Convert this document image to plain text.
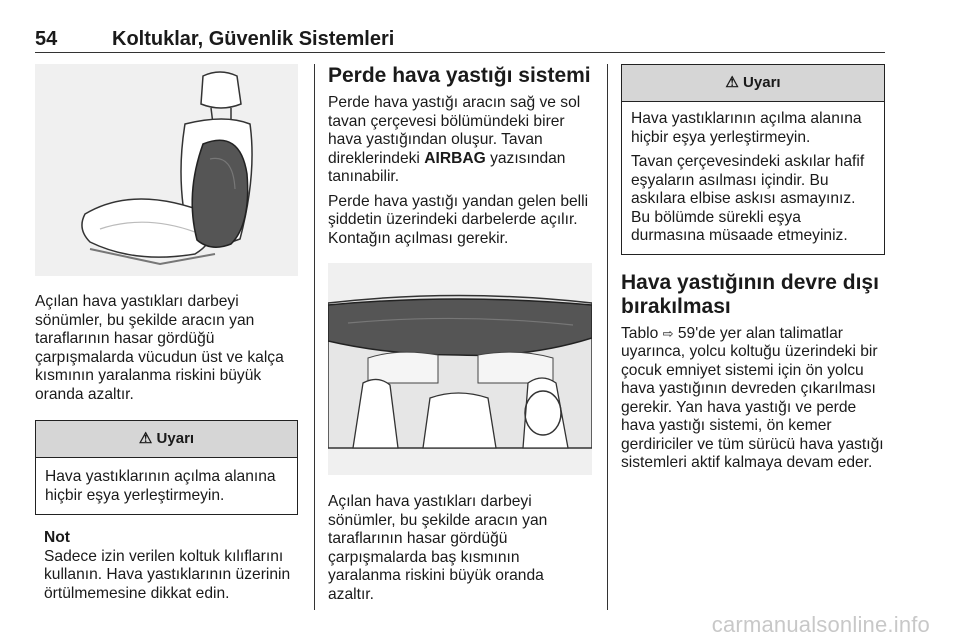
54	Koltuklar, Güvenlik Sistemleri

Açılan hava yastıkları darbeyi sönümler, bu şekilde aracın yan taraflarının hasar gördüğü çarpışmalarda vücudun üst ve kalça kısmının yaralanma riskini büyük oranda azaltır.

⚠ Uyarı

Hava yastıklarının açılma alanına hiçbir eşya yerleştirmeyin.

Not

Sadece izin verilen koltuk kılıflarını kullanın. Hava yastıklarının üzerinin örtülmemesine dikkat edin.

Perde hava yastığı sistemi

Perde hava yastığı aracın sağ ve sol tavan çerçevesi bölümündeki birer hava yastığından oluşur. Tavan direklerindeki AIRBAG yazısından tanınabilir.

Perde hava yastığı yandan gelen belli şiddetin üzerindeki darbelerde açılır. Kontağın açılması gerekir.

Açılan hava yastıkları darbeyi sönümler, bu şekilde aracın yan taraflarının hasar gördüğü çarpışmalarda baş kısmının yaralanma riskini büyük oranda azaltır.

⚠ Uyarı

Hava yastıklarının açılma alanına hiçbir eşya yerleştirmeyin.

Tavan çerçevesindeki askılar hafif eşyaların asılması içindir. Bu askılara elbise askısı asmayınız. Bu bölümde sürekli eşya durmasına müsaade etmeyiniz.

Hava yastığının devre dışı bırakılması

Tablo ⇨ 59'de yer alan talimatlar uyarınca, yolcu koltuğu üzerindeki bir çocuk emniyet sistemi için ön yolcu hava yastığının devreden çıkarılması gerekir. Yan hava yastığı ve perde hava yastığı sistemi, ön kemer gerdiriciler ve tüm sürücü hava yastığı sistemleri aktif kalmaya devam eder.

carmanualsonline.info
